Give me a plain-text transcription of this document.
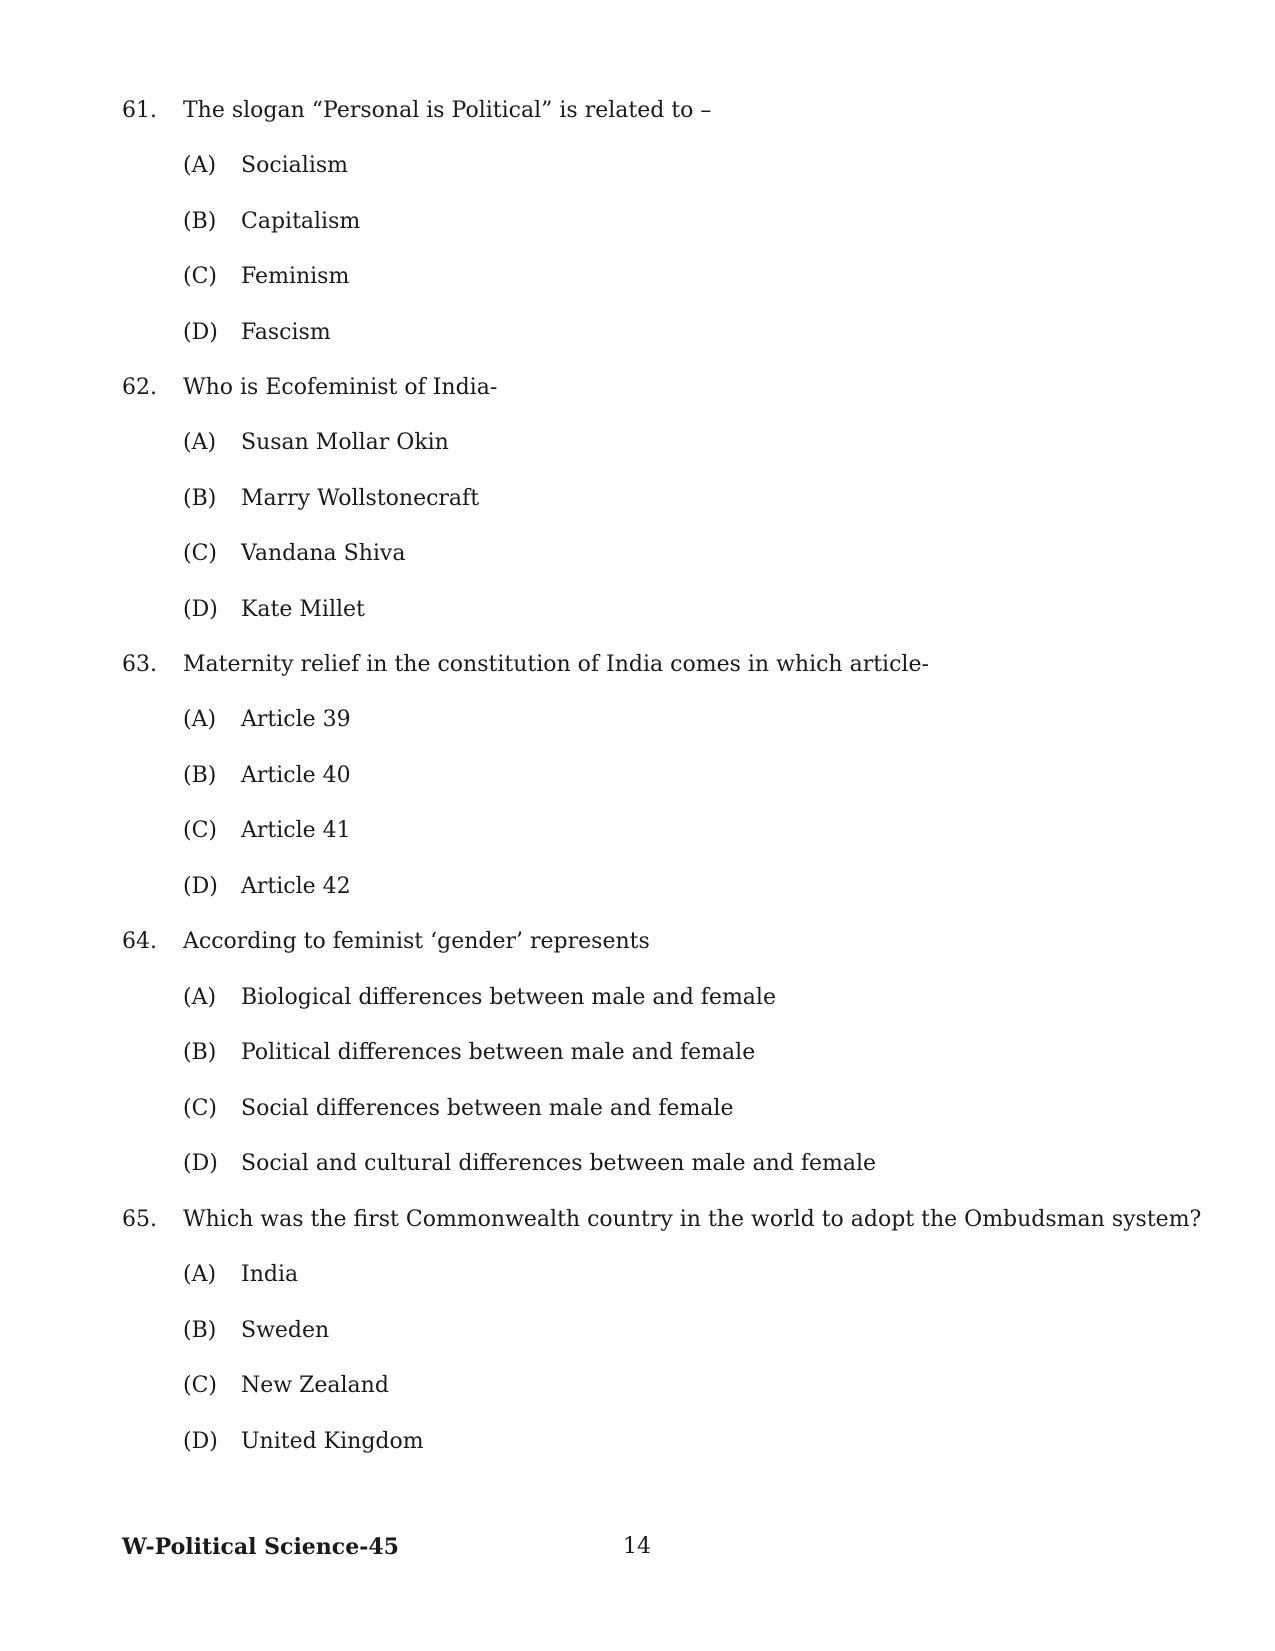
61.	The slogan “Personal is Political” is related to –
(A)	Socialism
(B)	Capitalism
(C)	Feminism
(D)	Fascism
62.	Who is Ecofeminist of India-
(A)	Susan Mollar Okin
(B)	Marry Wollstonecraft
(C)	Vandana Shiva
(D)	Kate Millet
63.	Maternity relief in the constitution of India comes in which article-
(A)	Article 39
(B)	Article 40
(C)	Article 41
(D)	Article 42
64.	According to feminist ‘gender’ represents
(A)	Biological differences between male and female
(B)	Political differences between male and female
(C)	Social differences between male and female
(D)	Social and cultural differences between male and female
65.	Which was the first Commonwealth country in the world to adopt the Ombudsman system?
(A)	India
(B)	Sweden
(C)	New Zealand
(D)	United Kingdom
W-Political Science-45	14
